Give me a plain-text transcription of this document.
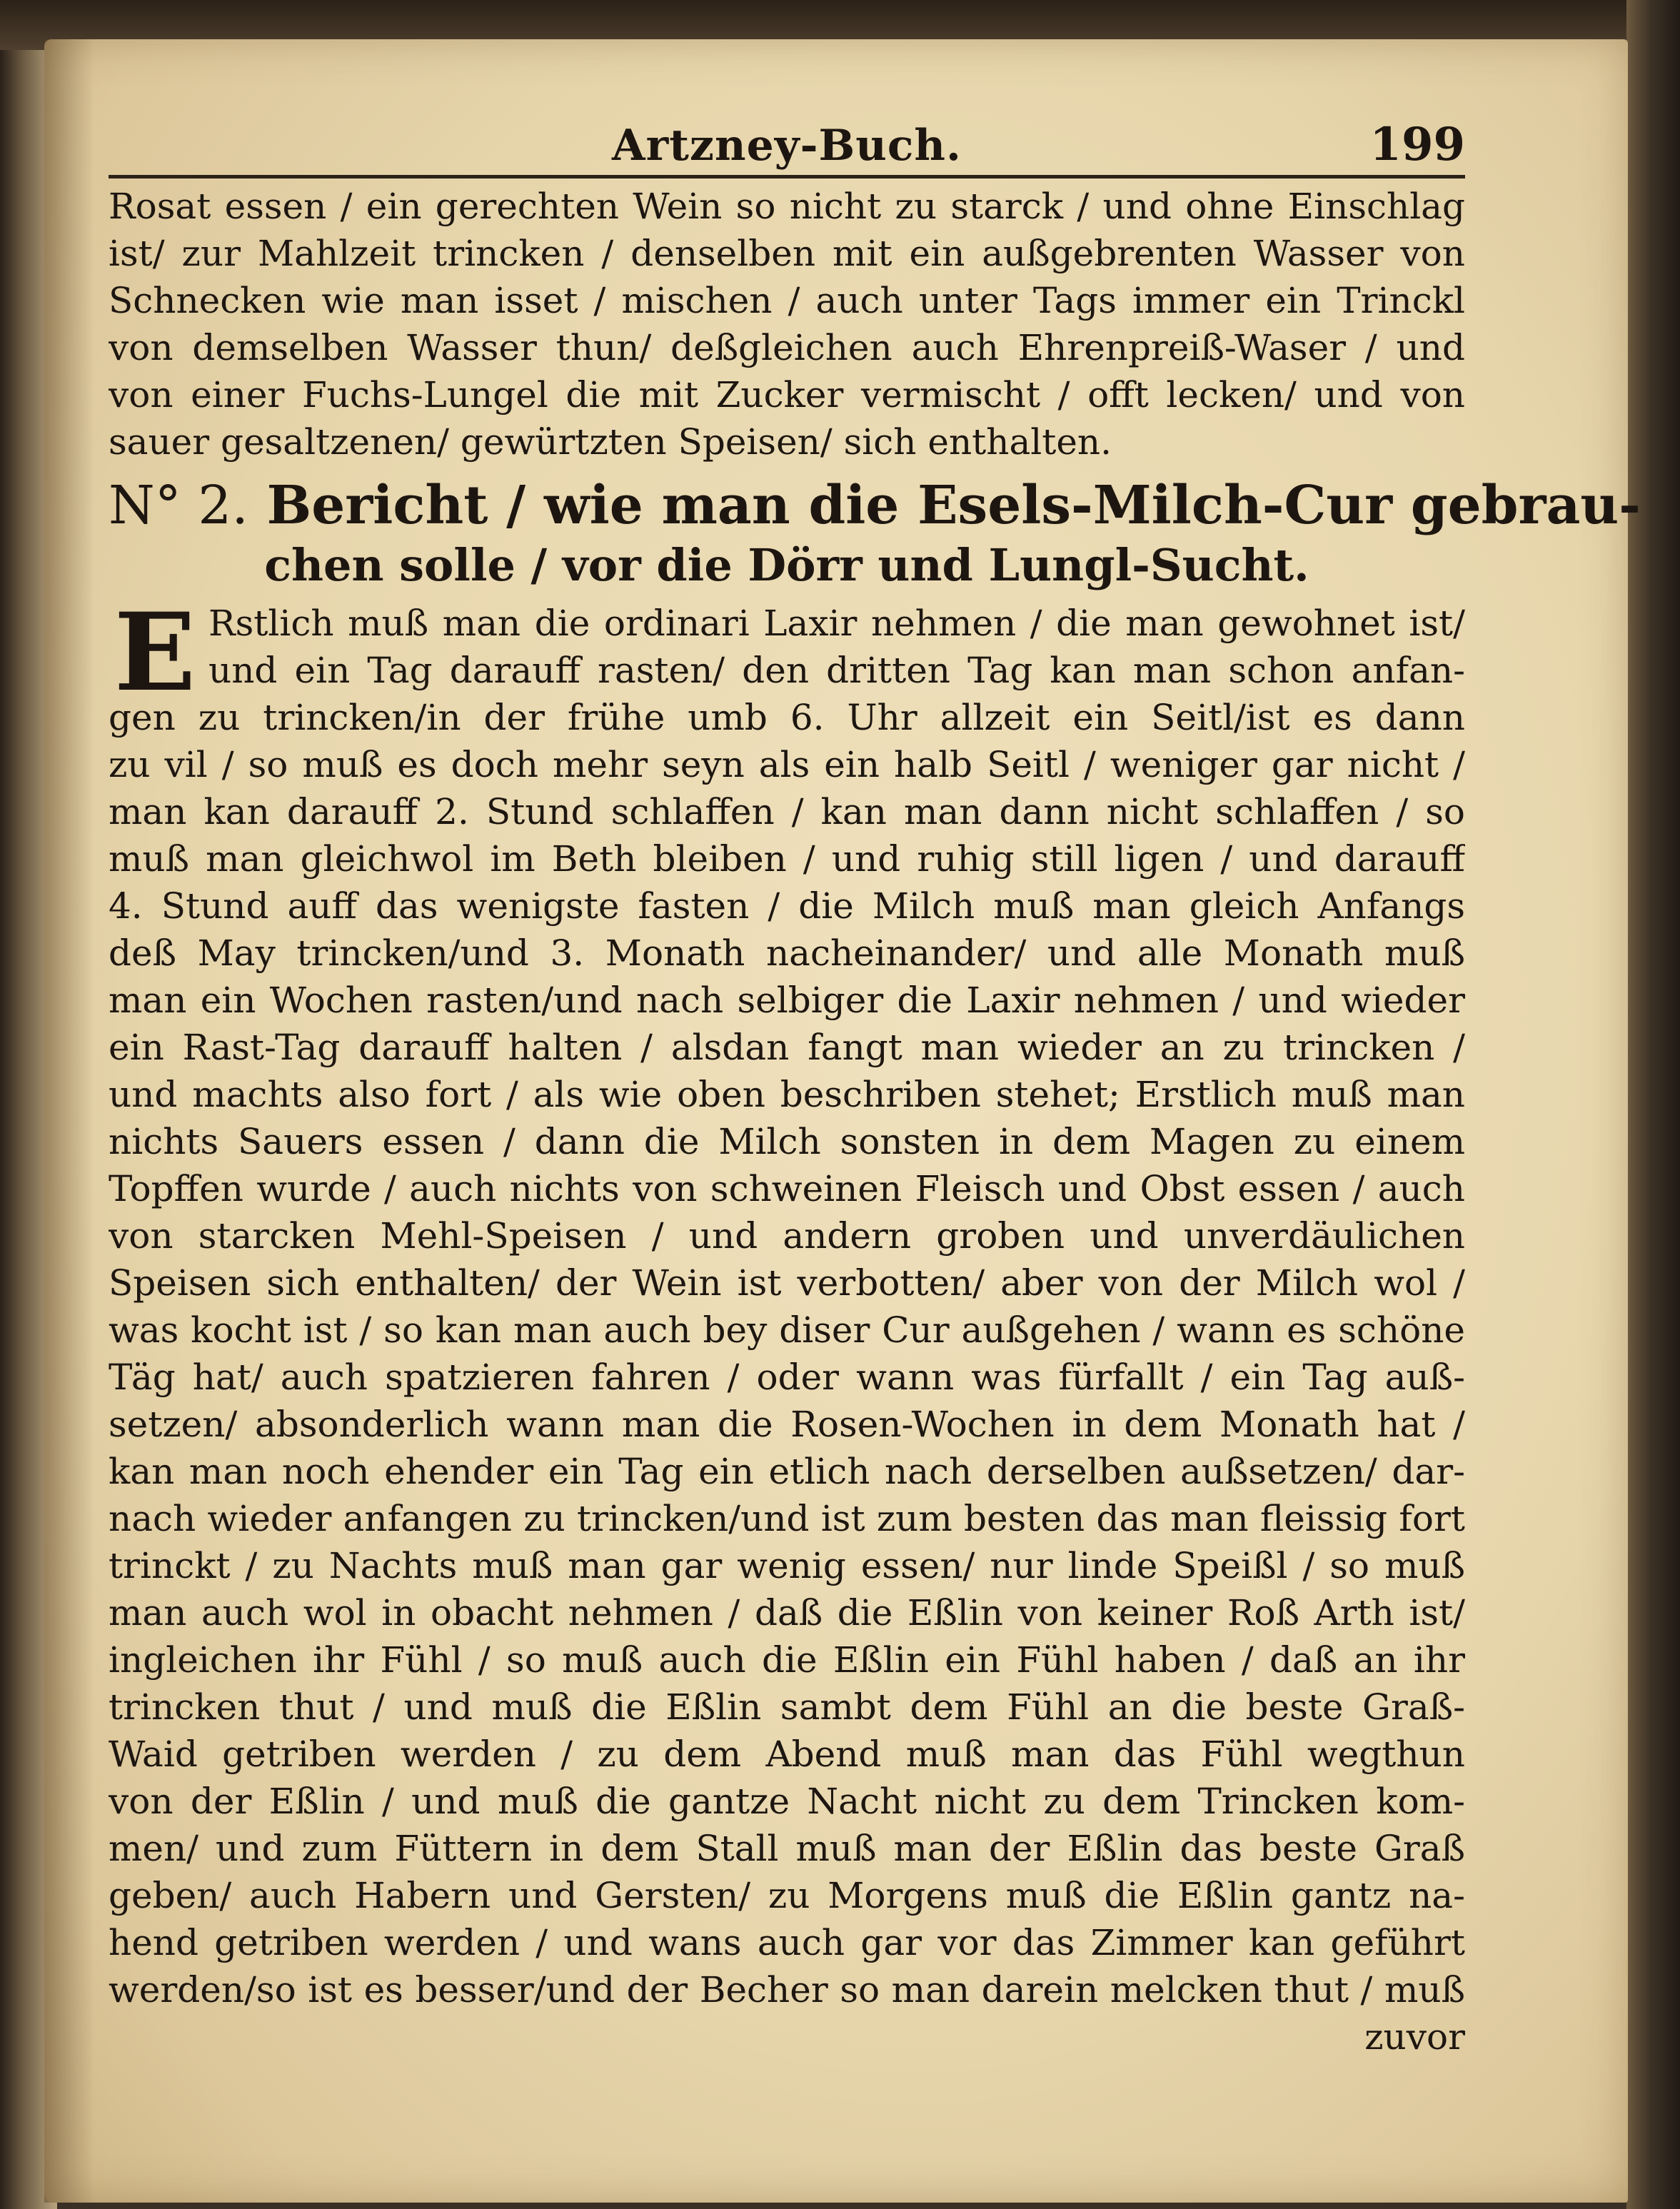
Artzney-Buch.	199
Rosat essen / ein gerechten Wein so nicht zu starck / und ohne Einschlag
ist/ zur Mahlzeit trincken / denselben mit ein außgebrenten Wasser von
Schnecken wie man isset / mischen / auch unter Tags immer ein Trinckl
von demselben Wasser thun/ deßgleichen auch Ehrenpreiß-Waser / und
von einer Fuchs-Lungel die mit Zucker vermischt / offt lecken/ und von
sauer gesaltzenen/ gewürtzten Speisen/ sich enthalten.
N° 2. Bericht / wie man die Esels-Milch-Cur gebrau-
chen solle / vor die Dörr und Lungl-Sucht.
E Rstlich muß man die ordinari Laxir nehmen / die man gewohnet ist/
und ein Tag darauff rasten/ den dritten Tag kan man schon anfan-
gen zu trincken/in der frühe umb 6. Uhr allzeit ein Seitl/ist es dann
zu vil / so muß es doch mehr seyn als ein halb Seitl / weniger gar nicht /
man kan darauff 2. Stund schlaffen / kan man dann nicht schlaffen / so
muß man gleichwol im Beth bleiben / und ruhig still ligen / und darauff
4. Stund auff das wenigste fasten / die Milch muß man gleich Anfangs
deß May trincken/und 3. Monath nacheinander/ und alle Monath muß
man ein Wochen rasten/und nach selbiger die Laxir nehmen / und wieder
ein Rast-Tag darauff halten / alsdan fangt man wieder an zu trincken /
und machts also fort / als wie oben beschriben stehet; Erstlich muß man
nichts Sauers essen / dann die Milch sonsten in dem Magen zu einem
Topffen wurde / auch nichts von schweinen Fleisch und Obst essen / auch
von starcken Mehl-Speisen / und andern groben und unverdäulichen
Speisen sich enthalten/ der Wein ist verbotten/ aber von der Milch wol /
was kocht ist / so kan man auch bey diser Cur außgehen / wann es schöne
Täg hat/ auch spatzieren fahren / oder wann was fürfallt / ein Tag auß-
setzen/ absonderlich wann man die Rosen-Wochen in dem Monath hat /
kan man noch ehender ein Tag ein etlich nach derselben außsetzen/ dar-
nach wieder anfangen zu trincken/und ist zum besten das man fleissig fort
trinckt / zu Nachts muß man gar wenig essen/ nur linde Speißl / so muß
man auch wol in obacht nehmen / daß die Eßlin von keiner Roß Arth ist/
ingleichen ihr Fühl / so muß auch die Eßlin ein Fühl haben / daß an ihr
trincken thut / und muß die Eßlin sambt dem Fühl an die beste Graß-
Waid getriben werden / zu dem Abend muß man das Fühl wegthun
von der Eßlin / und muß die gantze Nacht nicht zu dem Trincken kom-
men/ und zum Füttern in dem Stall muß man der Eßlin das beste Graß
geben/ auch Habern und Gersten/ zu Morgens muß die Eßlin gantz na-
hend getriben werden / und wans auch gar vor das Zimmer kan geführt
werden/so ist es besser/und der Becher so man darein melcken thut / muß
zuvor
